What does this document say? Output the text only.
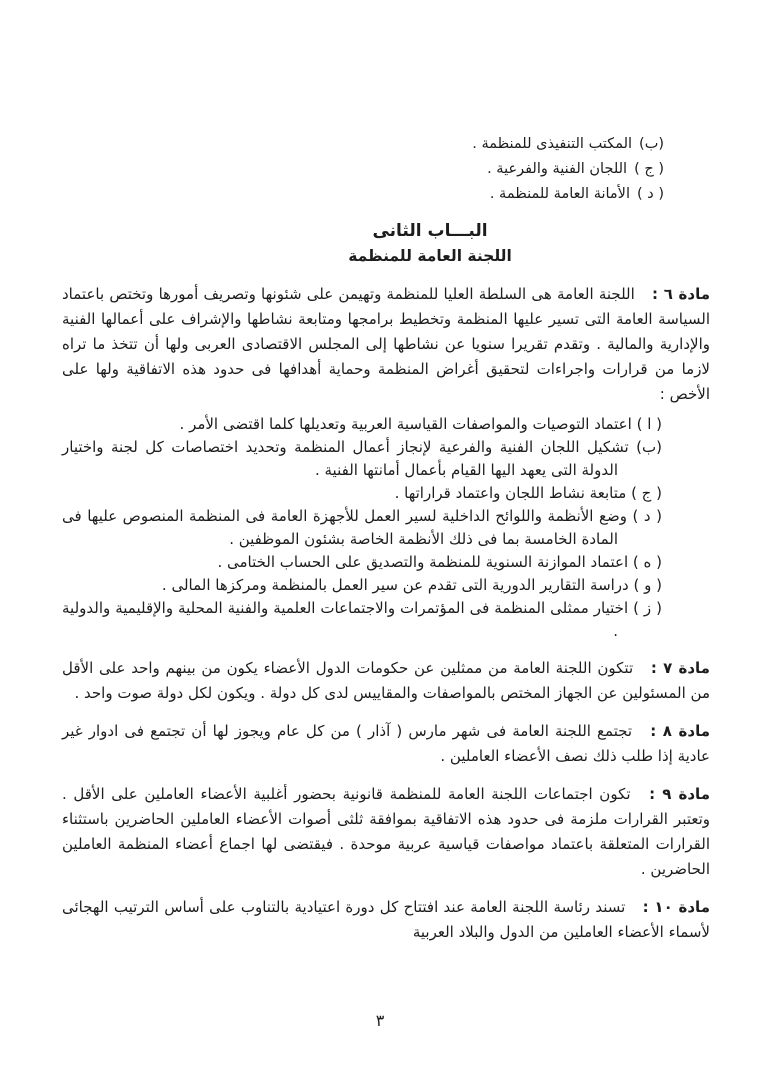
(ب)
المكتب التنفيذى للمنظمة .
( ج )
اللجان الفنية والفرعية .
( د )
الأمانة العامة للمنظمة .
البـــاب الثانى
اللجنة العامة للمنظمة

مادة ٦ : اللجنة العامة هى السلطة العليا للمنظمة وتهيمن على شئونها وتصريف أمورها وتختص باعتماد السياسة العامة التى تسير عليها المنظمة وتخطيط برامجها ومتابعة نشاطها والإشراف على أعمالها الفنية والإدارية والمالية . وتقدم تقريرا سنويا عن نشاطها إلى المجلس الاقتصادى العربى ولها أن تتخذ ما تراه لازما من قرارات واجراءات لتحقيق أغراض المنظمة وحماية أهدافها فى حدود هذه الاتفاقية ولها على الأخص :

( ا ) اعتماد التوصيات والمواصفات القياسية العربية وتعديلها كلما اقتضى الأمر .

(ب) تشكيل اللجان الفنية والفرعية لإنجاز أعمال المنظمة وتحديد اختصاصات كل لجنة واختيار الدولة التى يعهد اليها القيام بأعمال أمانتها الفنية .

( ج ) متابعة نشاط اللجان واعتماد قراراتها .

( د ) وضع الأنظمة واللوائح الداخلية لسير العمل للأجهزة العامة فى المنظمة المنصوص عليها فى المادة الخامسة بما فى ذلك الأنظمة الخاصة بشئون الموظفين .

( ه ) اعتماد الموازنة السنوية للمنظمة والتصديق على الحساب الختامى .

( و ) دراسة التقارير الدورية التى تقدم عن سير العمل بالمنظمة ومركزها المالى .

( ز ) اختيار ممثلى المنظمة فى المؤتمرات والاجتماعات العلمية والفنية المحلية والإقليمية والدولية .

مادة ٧ : تتكون اللجنة العامة من ممثلين عن حكومات الدول الأعضاء يكون من بينهم واحد على الأقل من المسئولين عن الجهاز المختص بالمواصفات والمقاييس لدى كل دولة . ويكون لكل دولة صوت واحد .

مادة ٨ : تجتمع اللجنة العامة فى شهر مارس ( آذار ) من كل عام ويجوز لها أن تجتمع فى ادوار غير عادية إذا طلب ذلك نصف الأعضاء العاملين .

مادة ٩ : تكون اجتماعات اللجنة العامة للمنظمة قانونية بحضور أغلبية الأعضاء العاملين على الأقل . وتعتبر القرارات ملزمة فى حدود هذه الاتفاقية بموافقة ثلثى أصوات الأعضاء العاملين الحاضرين باستثناء القرارات المتعلقة باعتماد مواصفات قياسية عربية موحدة . فيقتضى لها اجماع أعضاء المنظمة العاملين الحاضرين .

مادة ١٠ : تسند رئاسة اللجنة العامة عند افتتاح كل دورة اعتيادية بالتناوب على أساس الترتيب الهجائى لأسماء الأعضاء العاملين من الدول والبلاد العربية

٣
